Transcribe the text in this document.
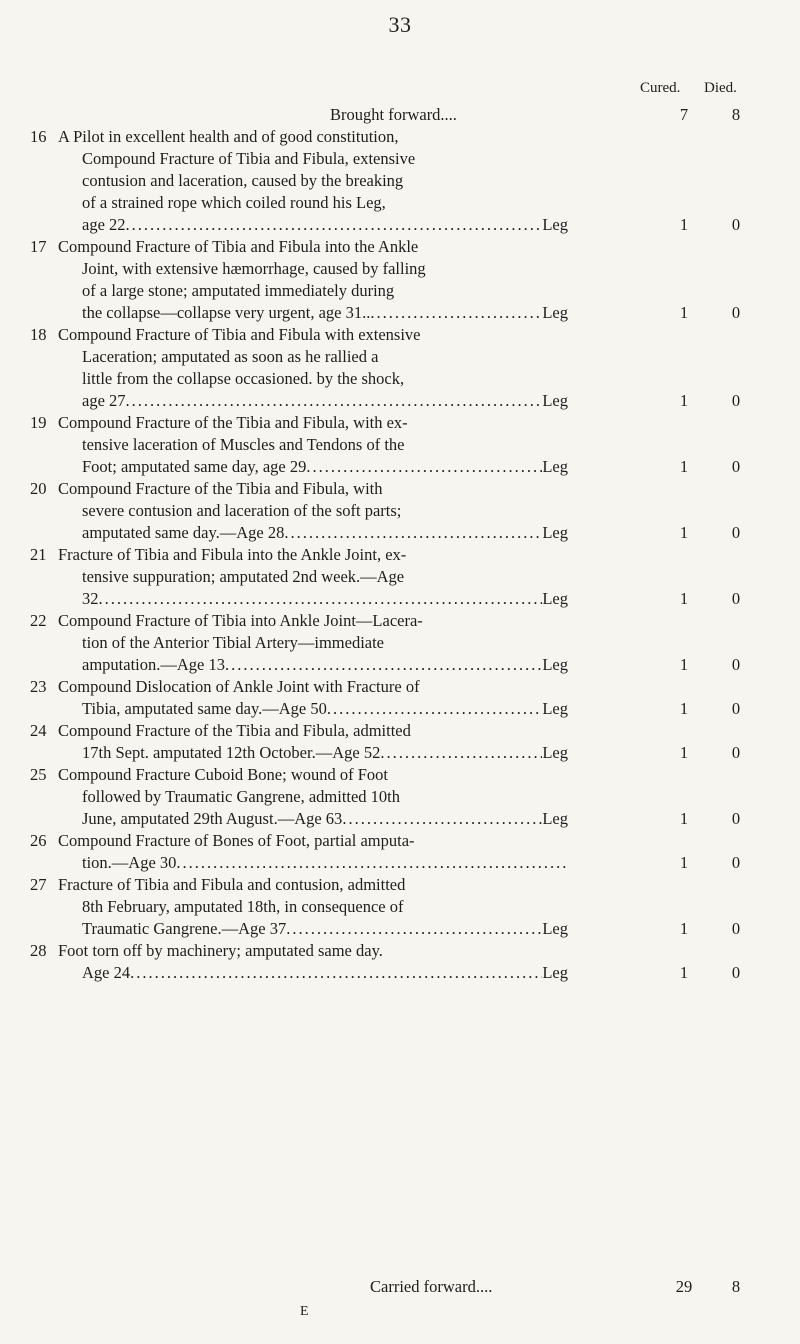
33
Cured.	Died.
Brought forward....	7	8
16 A Pilot in excellent health and of good constitution,
Compound Fracture of Tibia and Fibula, extensive
contusion and laceration, caused by the breaking
of a strained rope which coiled round his Leg,
age 22 .....	Leg	1	0
17 Compound Fracture of Tibia and Fibula into the Ankle
Joint, with extensive hæmorrhage, caused by falling
of a large stone; amputated immediately during
the collapse—collapse very urgent, age 31.. .....	Leg	1	0
18 Compound Fracture of Tibia and Fibula with extensive
Laceration; amputated as soon as he rallied a
little from the collapse occasioned. by the shock,
age 27 .....	Leg	1	0
19 Compound Fracture of the Tibia and Fibula, with ex-
tensive laceration of Muscles and Tendons of the
Foot; amputated same day, age 29 .....	Leg	1	0
20 Compound Fracture of the Tibia and Fibula, with
severe contusion and laceration of the soft parts;
amputated same day.—Age 28 .....	Leg	1	0
21 Fracture of Tibia and Fibula into the Ankle Joint, ex-
tensive suppuration; amputated 2nd week.—Age
32 .....	Leg	1	0
22 Compound Fracture of Tibia into Ankle Joint—Lacera-
tion of the Anterior Tibial Artery—immediate
amputation.—Age 13 .....	Leg	1	0
23 Compound Dislocation of Ankle Joint with Fracture of
Tibia, amputated same day.—Age 50 .....	Leg	1	0
24 Compound Fracture of the Tibia and Fibula, admitted
17th Sept. amputated 12th October.—Age 52 .....	Leg	1	0
25 Compound Fracture Cuboid Bone; wound of Foot
followed by Traumatic Gangrene, admitted 10th
June, amputated 29th August.—Age 63 .....	Leg	1	0
26 Compound Fracture of Bones of Foot, partial amputa-
tion.—Age 30 .....	1	0
27 Fracture of Tibia and Fibula and contusion, admitted
8th February, amputated 18th, in consequence of
Traumatic Gangrene.—Age 37 .....	Leg	1	0
28 Foot torn off by machinery; amputated same day.
Age 24 .....	Leg	1	0
Carried forward....	29	8
E
